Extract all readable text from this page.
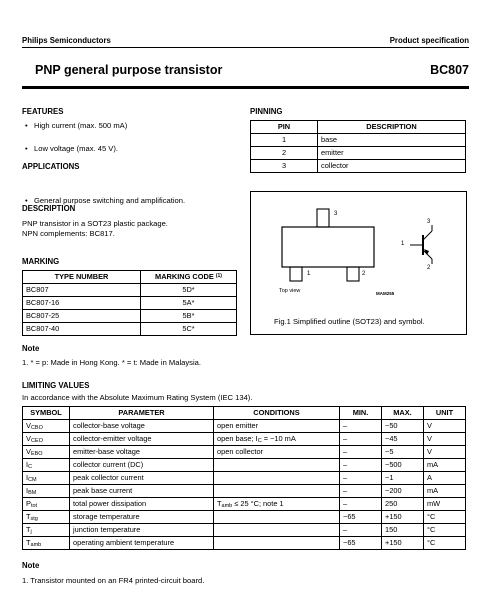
Philips Semiconductors	Product specification
PNP general purpose transistor	BC807
FEATURES
• High current (max. 500 mA)
• Low voltage (max. 45 V).
APPLICATIONS
• General purpose switching and amplification.
DESCRIPTION
PNP transistor in a SOT23 plastic package.
NPN complements: BC817.
MARKING
TYPE NUMBER	MARKING CODE $^{(1)}$
BC807	5D*
BC807-16	5A*
BC807-25	5B*
BC807-40	5C*
Note
1. * = p: Made in Hong Kong. * = t: Made in Malaysia.
PINNING
PIN	DESCRIPTION
1	base
2	emitter
3	collector
3
1	2
3
1
2
Top view	MAM255
Fig.1 Simplified outline (SOT23) and symbol.
LIMITING VALUES
In accordance with the Absolute Maximum Rating System (IEC 134).
SYMBOL	PARAMETER	CONDITIONS	MIN.	MAX.	UNIT
$V_{CBO}$	collector-base voltage	open emitter	–	−50	V
$V_{CEO}$	collector-emitter voltage	open base; $I_C = -10$ mA	–	−45	V
$V_{EBO}$	emitter-base voltage	open collector	–	−5	V
$I_C$	collector current (DC)		–	−500	mA
$I_{CM}$	peak collector current		–	−1	A
$I_{BM}$	peak base current		–	−200	mA
$P_{tot}$	total power dissipation	$T_{amb} \le 25$ °C; note 1	–	250	mW
$T_{stg}$	storage temperature		−65	+150	°C
$T_j$	junction temperature		–	150	°C
$T_{amb}$	operating ambient temperature		−65	+150	°C
Note
1. Transistor mounted on an FR4 printed-circuit board.
